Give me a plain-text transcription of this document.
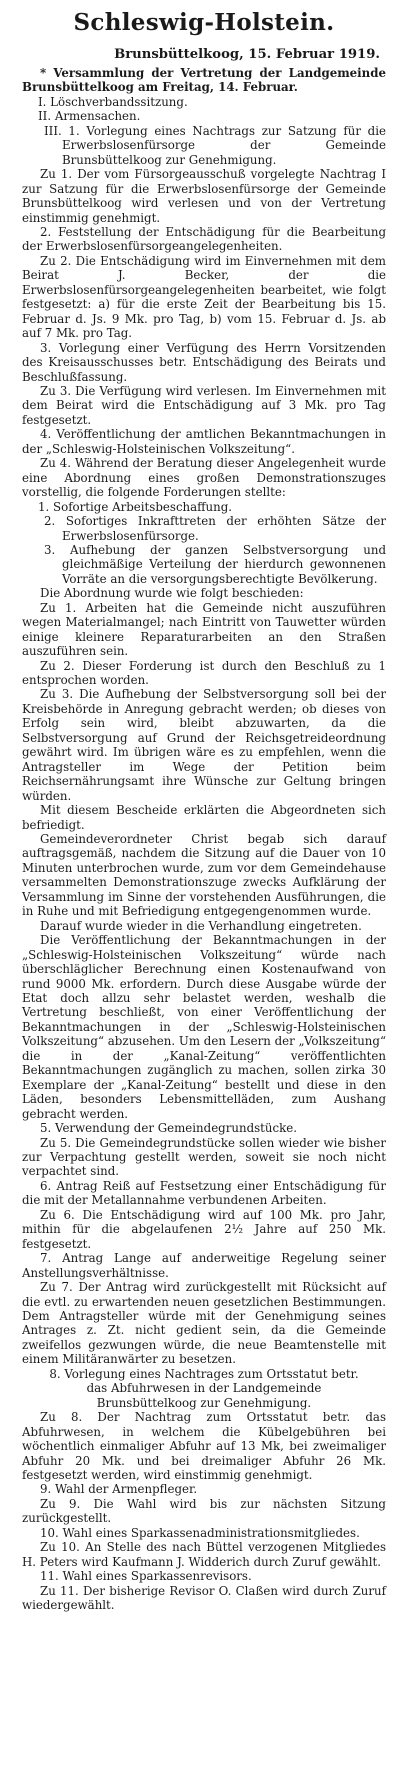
Schleswig-Holstein.
Brunsbüttelkoog, 15. Februar 1919.

* Versammlung der Vertretung der Landgemeinde Brunsbüttelkoog am Freitag, 14. Februar.

I. Löschverbandssitzung.

II. Armensachen.

III. 1. Vorlegung eines Nachtrags zur Satzung für die Erwerbslosenfürsorge der Gemeinde Brunsbüttelkoog zur Genehmigung.

Zu 1. Der vom Fürsorgeausschuß vorgelegte Nachtrag I zur Satzung für die Erwerbslosenfürsorge der Gemeinde Brunsbüttelkoog wird verlesen und von der Vertretung einstimmig genehmigt.

2. Feststellung der Entschädigung für die Bearbeitung der Erwerbslosenfürsorgeangelegenheiten.

Zu 2. Die Entschädigung wird im Einvernehmen mit dem Beirat J. Becker, der die Erwerbslosenfürsorgeangelegenheiten bearbeitet, wie folgt festgesetzt: a) für die erste Zeit der Bearbeitung bis 15. Februar d. Js. 9 Mk. pro Tag, b) vom 15. Februar d. Js. ab auf 7 Mk. pro Tag.

3. Vorlegung einer Verfügung des Herrn Vorsitzenden des Kreisausschusses betr. Entschädigung des Beirats und Beschlußfassung.

Zu 3. Die Verfügung wird verlesen. Im Einvernehmen mit dem Beirat wird die Entschädigung auf 3 Mk. pro Tag festgesetzt.

4. Veröffentlichung der amtlichen Bekanntmachungen in der „Schleswig-Holsteinischen Volkszeitung“.

Zu 4. Während der Beratung dieser Angelegenheit wurde eine Abordnung eines großen Demonstrationszuges vorstellig, die folgende Forderungen stellte:

1. Sofortige Arbeitsbeschaffung.

2. Sofortiges Inkrafttreten der erhöhten Sätze der Erwerbslosenfürsorge.

3. Aufhebung der ganzen Selbstversorgung und gleichmäßige Verteilung der hierdurch gewonnenen Vorräte an die versorgungsberechtigte Bevölkerung.

Die Abordnung wurde wie folgt beschieden:

Zu 1. Arbeiten hat die Gemeinde nicht auszuführen wegen Materialmangel; nach Eintritt von Tauwetter würden einige kleinere Reparaturarbeiten an den Straßen auszuführen sein.

Zu 2. Dieser Forderung ist durch den Beschluß zu 1 entsprochen worden.

Zu 3. Die Aufhebung der Selbstversorgung soll bei der Kreisbehörde in Anregung gebracht werden; ob dieses von Erfolg sein wird, bleibt abzuwarten, da die Selbstversorgung auf Grund der Reichsgetreideordnung gewährt wird. Im übrigen wäre es zu empfehlen, wenn die Antragsteller im Wege der Petition beim Reichsernährungsamt ihre Wünsche zur Geltung bringen würden.

Mit diesem Bescheide erklärten die Abgeordneten sich befriedigt.

Gemeindeverordneter Christ begab sich darauf auftragsgemäß, nachdem die Sitzung auf die Dauer von 10 Minuten unterbrochen wurde, zum vor dem Gemeindehause versammelten Demonstrationszuge zwecks Aufklärung der Versammlung im Sinne der vorstehenden Ausführungen, die in Ruhe und mit Befriedigung entgegengenommen wurde.

Darauf wurde wieder in die Verhandlung eingetreten.

Die Veröffentlichung der Bekanntmachungen in der „Schleswig-Holsteinischen Volkszeitung“ würde nach überschläglicher Berechnung einen Kostenaufwand von rund 9000 Mk. erfordern. Durch diese Ausgabe würde der Etat doch allzu sehr belastet werden, weshalb die Vertretung beschließt, von einer Veröffentlichung der Bekanntmachungen in der „Schleswig-Holsteinischen Volkszeitung“ abzusehen. Um den Lesern der „Volkszeitung“ die in der „Kanal-Zeitung“ veröffentlichten Bekanntmachungen zugänglich zu machen, sollen zirka 30 Exemplare der „Kanal-Zeitung“ bestellt und diese in den Läden, besonders Lebensmittelläden, zum Aushang gebracht werden.

5. Verwendung der Gemeindegrundstücke.

Zu 5. Die Gemeindegrundstücke sollen wieder wie bisher zur Verpachtung gestellt werden, soweit sie noch nicht verpachtet sind.

6. Antrag Reiß auf Festsetzung einer Entschädigung für die mit der Metallannahme verbundenen Arbeiten.

Zu 6. Die Entschädigung wird auf 100 Mk. pro Jahr, mithin für die abgelaufenen 2½ Jahre auf 250 Mk. festgesetzt.

7. Antrag Lange auf anderweitige Regelung seiner Anstellungsverhältnisse.

Zu 7. Der Antrag wird zurückgestellt mit Rücksicht auf die evtl. zu erwartenden neuen gesetzlichen Bestimmungen. Dem Antragsteller würde mit der Genehmigung seines Antrages z. Zt. nicht gedient sein, da die Gemeinde zweifellos gezwungen würde, die neue Beamtenstelle mit einem Militäranwärter zu besetzen.

8. Vorlegung eines Nachtrages zum Ortsstatut betr. das Abfuhrwesen in der Landgemeinde Brunsbüttelkoog zur Genehmigung.

Zu 8. Der Nachtrag zum Ortsstatut betr. das Abfuhrwesen, in welchem die Kübelgebühren bei wöchentlich einmaliger Abfuhr auf 13 Mk, bei zweimaliger Abfuhr 20 Mk. und bei dreimaliger Abfuhr 26 Mk. festgesetzt werden, wird einstimmig genehmigt.

9. Wahl der Armenpfleger.

Zu 9. Die Wahl wird bis zur nächsten Sitzung zurückgestellt.

10. Wahl eines Sparkassenadministrationsmitgliedes.

Zu 10. An Stelle des nach Büttel verzogenen Mitgliedes H. Peters wird Kaufmann J. Widderich durch Zuruf gewählt.

11. Wahl eines Sparkassenrevisors.

Zu 11. Der bisherige Revisor O. Claßen wird durch Zuruf wiedergewählt.
